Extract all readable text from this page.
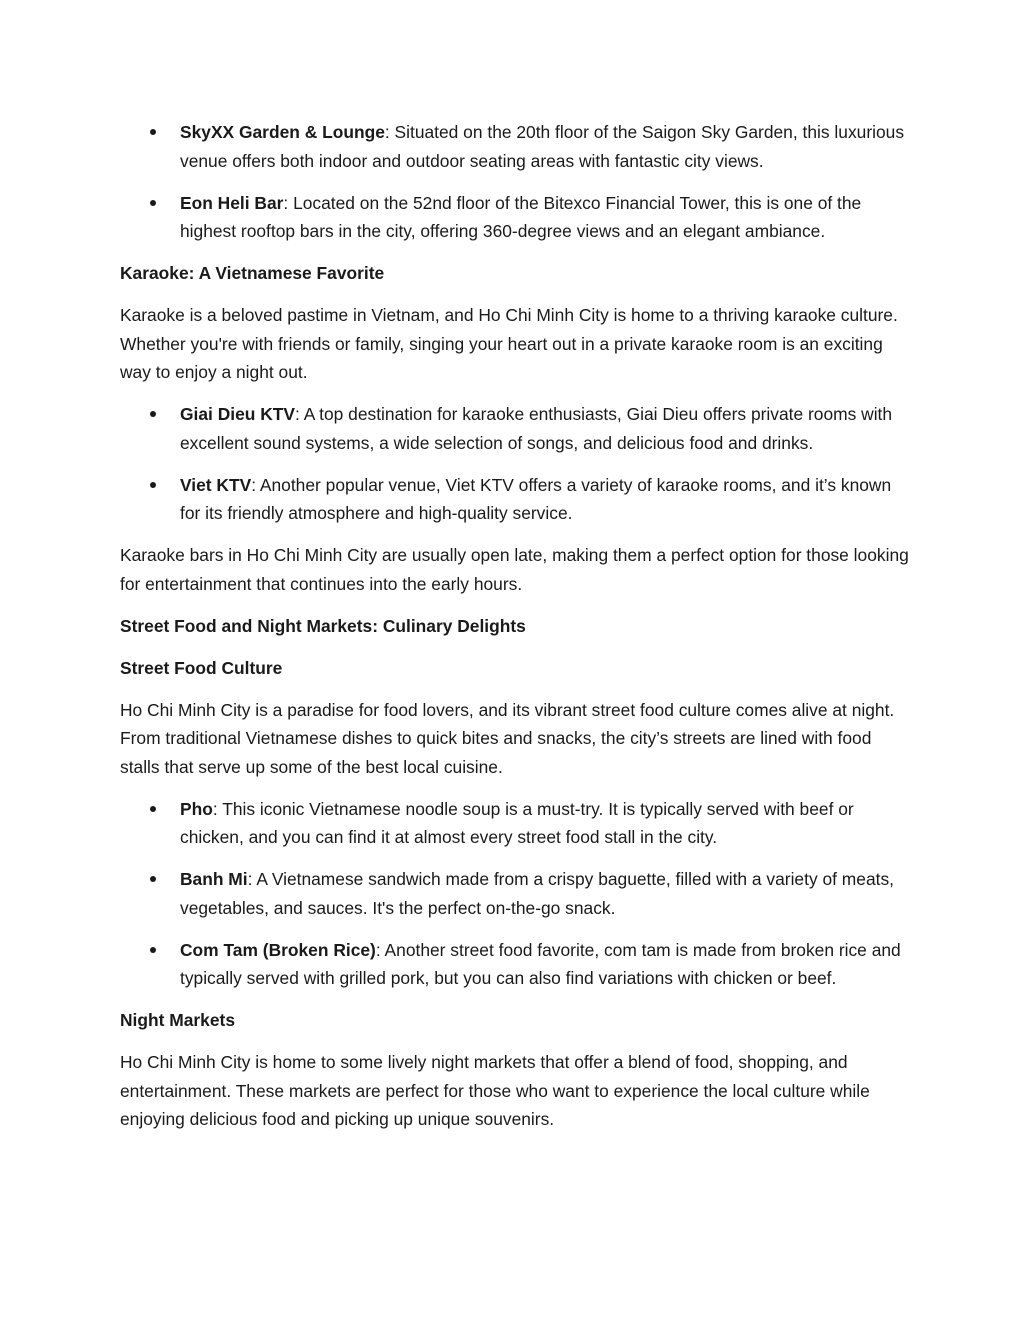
SkyXX Garden & Lounge: Situated on the 20th floor of the Saigon Sky Garden, this luxurious venue offers both indoor and outdoor seating areas with fantastic city views.
Eon Heli Bar: Located on the 52nd floor of the Bitexco Financial Tower, this is one of the highest rooftop bars in the city, offering 360-degree views and an elegant ambiance.

Karaoke: A Vietnamese Favorite

Karaoke is a beloved pastime in Vietnam, and Ho Chi Minh City is home to a thriving karaoke culture. Whether you're with friends or family, singing your heart out in a private karaoke room is an exciting way to enjoy a night out.

Giai Dieu KTV: A top destination for karaoke enthusiasts, Giai Dieu offers private rooms with excellent sound systems, a wide selection of songs, and delicious food and drinks.
Viet KTV: Another popular venue, Viet KTV offers a variety of karaoke rooms, and it’s known for its friendly atmosphere and high-quality service.

Karaoke bars in Ho Chi Minh City are usually open late, making them a perfect option for those looking for entertainment that continues into the early hours.

Street Food and Night Markets: Culinary Delights

Street Food Culture

Ho Chi Minh City is a paradise for food lovers, and its vibrant street food culture comes alive at night. From traditional Vietnamese dishes to quick bites and snacks, the city’s streets are lined with food stalls that serve up some of the best local cuisine.

Pho: This iconic Vietnamese noodle soup is a must-try. It is typically served with beef or chicken, and you can find it at almost every street food stall in the city.
Banh Mi: A Vietnamese sandwich made from a crispy baguette, filled with a variety of meats, vegetables, and sauces. It's the perfect on-the-go snack.
Com Tam (Broken Rice): Another street food favorite, com tam is made from broken rice and typically served with grilled pork, but you can also find variations with chicken or beef.

Night Markets

Ho Chi Minh City is home to some lively night markets that offer a blend of food, shopping, and entertainment. These markets are perfect for those who want to experience the local culture while enjoying delicious food and picking up unique souvenirs.
